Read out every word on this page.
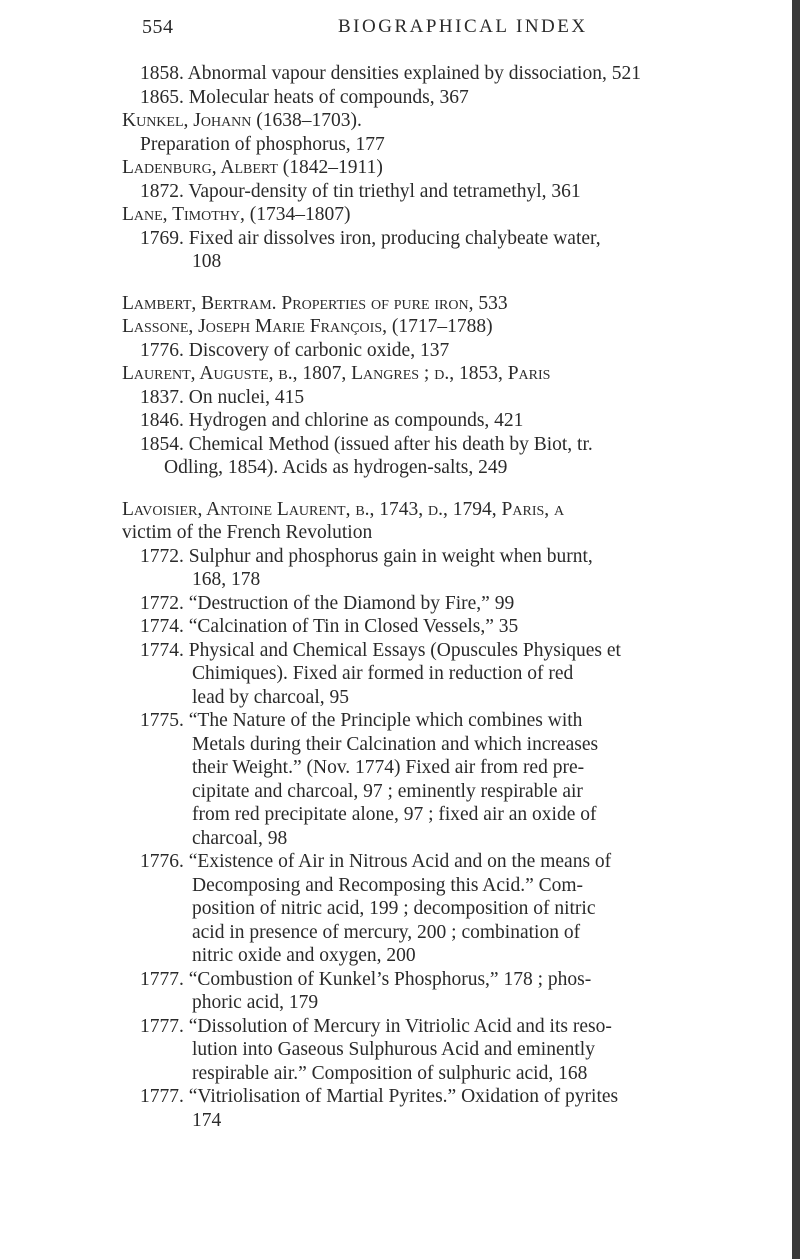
554	BIOGRAPHICAL INDEX
1858. Abnormal vapour densities explained by dissociation, 521
1865. Molecular heats of compounds, 367
Kunkel, Johann (1638–1703).
Preparation of phosphorus, 177
Ladenburg, Albert (1842–1911)
1872. Vapour-density of tin triethyl and tetramethyl, 361
Lane, Timothy, (1734–1807)
1769. Fixed air dissolves iron, producing chalybeate water,
108
Lambert, Bertram. Properties of pure iron, 533
Lassone, Joseph Marie François, (1717–1788)
1776. Discovery of carbonic oxide, 137
Laurent, Auguste, b., 1807, Langres ; d., 1853, Paris
1837. On nuclei, 415
1846. Hydrogen and chlorine as compounds, 421
1854. Chemical Method (issued after his death by Biot, tr.
Odling, 1854). Acids as hydrogen-salts, 249
Lavoisier, Antoine Laurent, b., 1743, d., 1794, Paris, a
victim of the French Revolution
1772. Sulphur and phosphorus gain in weight when burnt,
168, 178
1772. “Destruction of the Diamond by Fire,” 99
1774. “Calcination of Tin in Closed Vessels,” 35
1774. Physical and Chemical Essays (Opuscules Physiques et
Chimiques). Fixed air formed in reduction of red
lead by charcoal, 95
1775. “The Nature of the Principle which combines with
Metals during their Calcination and which increases
their Weight.” (Nov. 1774) Fixed air from red pre-
cipitate and charcoal, 97 ; eminently respirable air
from red precipitate alone, 97 ; fixed air an oxide of
charcoal, 98
1776. “Existence of Air in Nitrous Acid and on the means of
Decomposing and Recomposing this Acid.” Com-
position of nitric acid, 199 ; decomposition of nitric
acid in presence of mercury, 200 ; combination of
nitric oxide and oxygen, 200
1777. “Combustion of Kunkel’s Phosphorus,” 178 ; phos-
phoric acid, 179
1777. “Dissolution of Mercury in Vitriolic Acid and its reso-
lution into Gaseous Sulphurous Acid and eminently
respirable air.” Composition of sulphuric acid, 168
1777. “Vitriolisation of Martial Pyrites.” Oxidation of pyrites
174
